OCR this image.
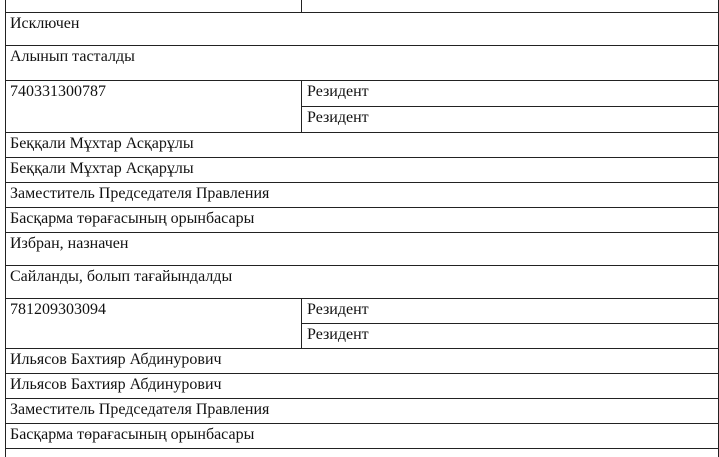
Исключен
Алынып тасталды
740331300787	Резидент
Резидент
Беққали Мұхтар Асқарұлы
Беққали Мұхтар Асқарұлы
Заместитель Председателя Правления
Басқарма төрағасының орынбасары
Избран, назначен
Сайланды, болып тағайындалды
781209303094	Резидент
Резидент
Ильясов Бахтияр Абдинурович
Ильясов Бахтияр Абдинурович
Заместитель Председателя Правления
Басқарма төрағасының орынбасары
